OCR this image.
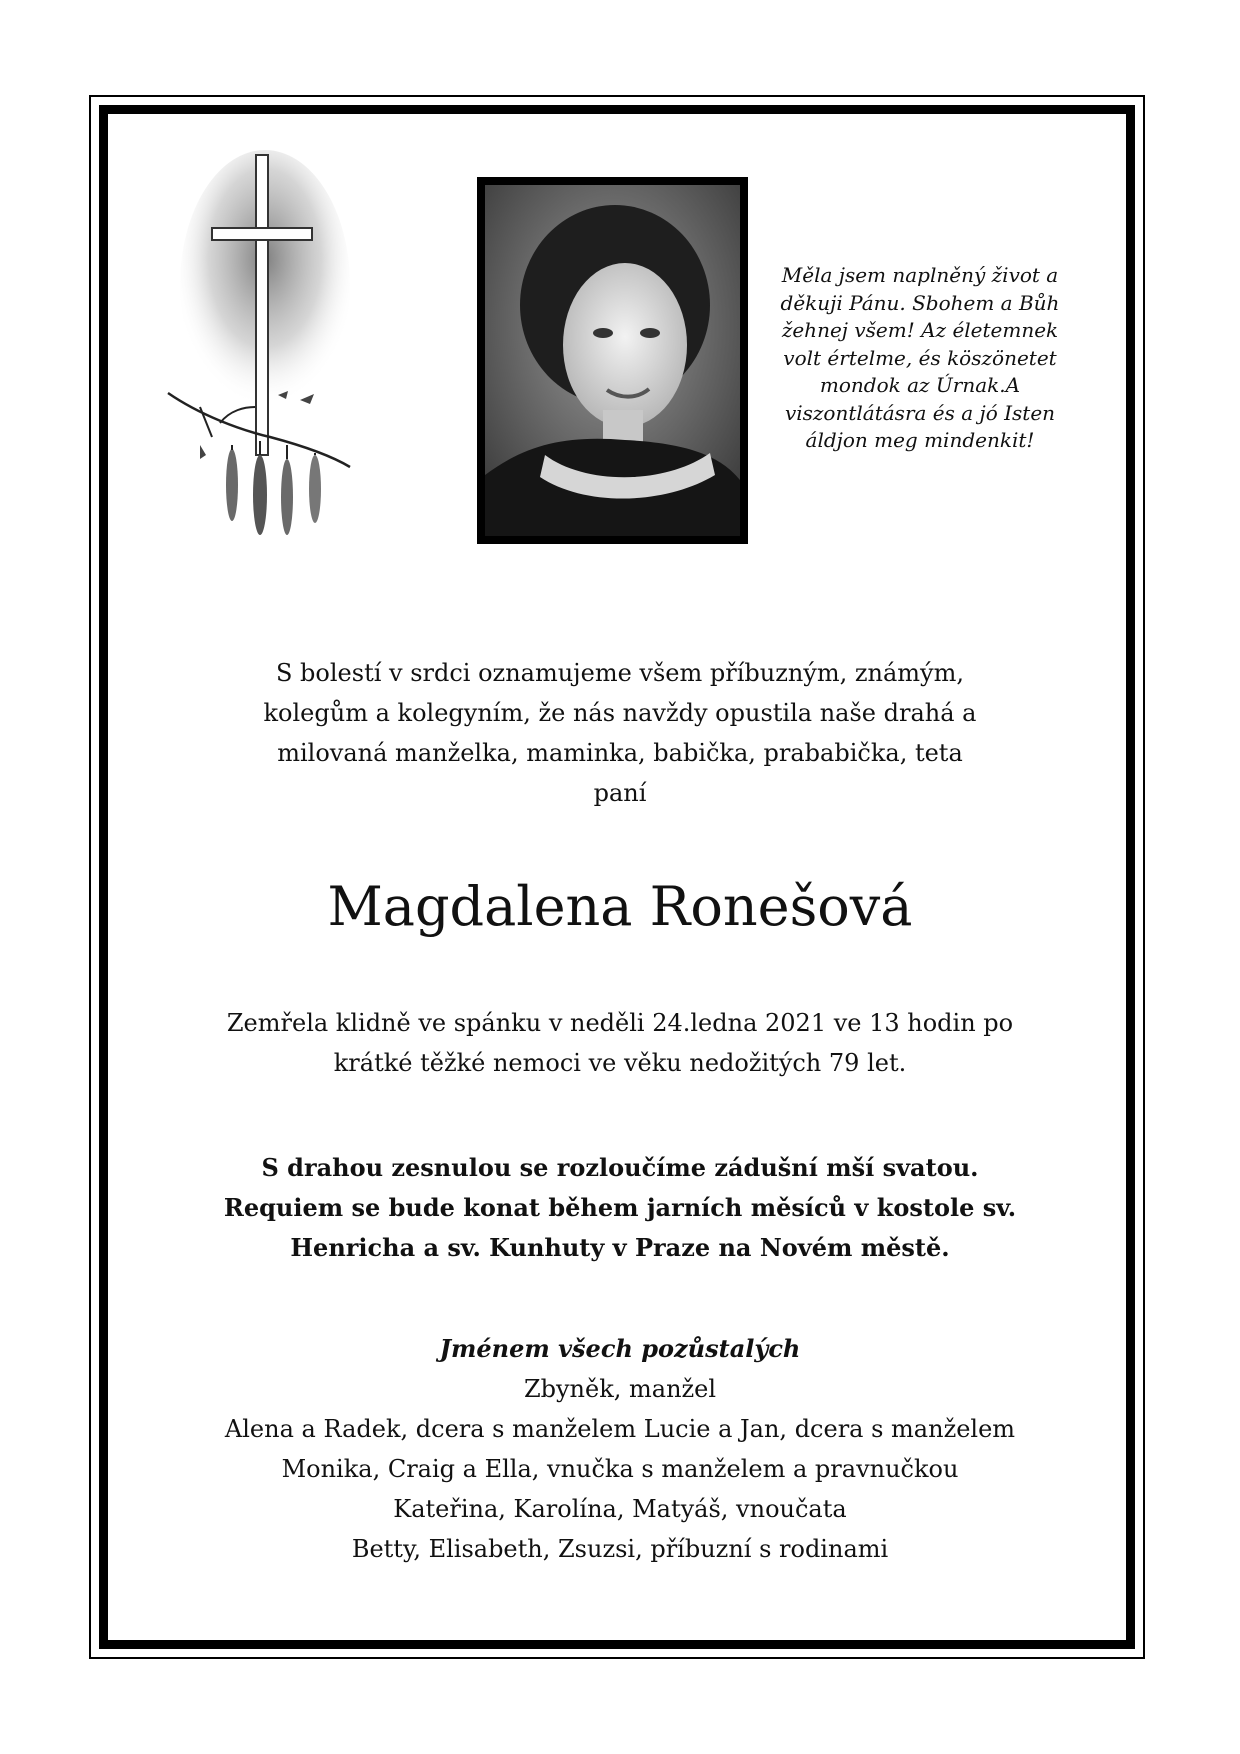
Měla jsem naplněný život a
děkuji Pánu. Sbohem a Bůh
žehnej všem! Az életemnek
volt értelme, és köszönetet
mondok az Úrnak.A
viszontlátásra és a jó Isten
áldjon meg mindenkit!
S bolestí v srdci oznamujeme všem příbuzným, známým,
kolegům a kolegyním, že nás navždy opustila naše drahá a
milovaná manželka, maminka, babička, prababička, teta
paní
Magdalena Ronešová
Zemřela klidně ve spánku v neděli 24.ledna 2021 ve 13 hodin po
krátké těžké nemoci ve věku nedožitých 79 let.
S drahou zesnulou se rozloučíme zádušní mší svatou.
Requiem se bude konat během jarních měsíců v kostole sv.
Henricha a sv. Kunhuty v Praze na Novém městě.
Jménem všech pozůstalých
Zbyněk, manžel
Alena a Radek, dcera s manželem Lucie a Jan, dcera s manželem
Monika, Craig a Ella, vnučka s manželem a pravnučkou
Kateřina, Karolína, Matyáš, vnoučata
Betty, Elisabeth, Zsuzsi, příbuzní s rodinami
